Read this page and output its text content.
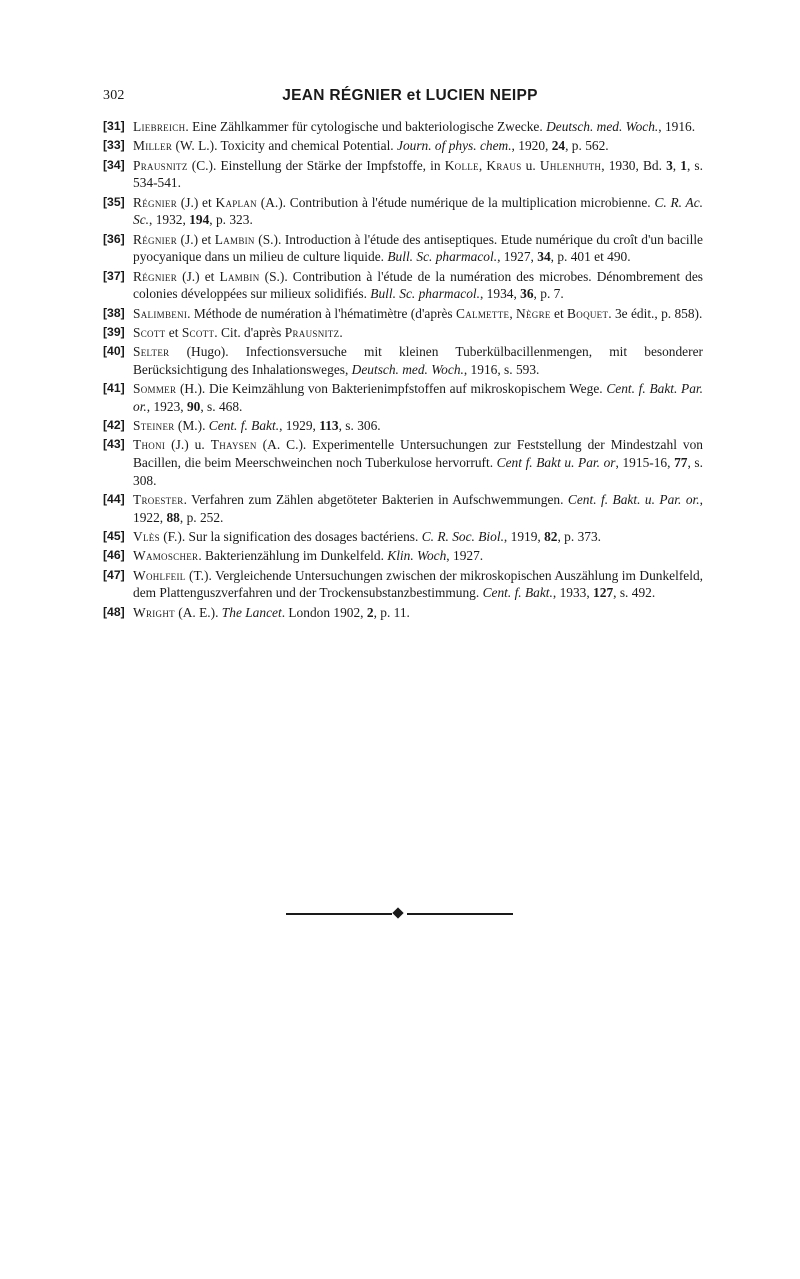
302	JEAN RÉGNIER et LUCIEN NEIPP
[31] Liebreich. Eine Zählkammer für cytologische und bakteriologische Zwecke. Deutsch. med. Woch., 1916.
[33] Miller (W. L.). Toxicity and chemical Potential. Journ. of phys. chem., 1920, 24, p. 562.
[34] Prausnitz (C.). Einstellung der Stärke der Impfstoffe, in Kolle, Kraus u. Uhlenhuth, 1930, Bd. 3, 1, s. 534-541.
[35] Régnier (J.) et Kaplan (A.). Contribution à l'étude numérique de la multiplication microbienne. C. R. Ac. Sc., 1932, 194, p. 323.
[36] Régnier (J.) et Lambin (S.). Introduction à l'étude des antiseptiques. Etude numérique du croît d'un bacille pyocyanique dans un milieu de culture liquide. Bull. Sc. pharmacol., 1927, 34, p. 401 et 490.
[37] Régnier (J.) et Lambin (S.). Contribution à l'étude de la numération des microbes. Dénombrement des colonies développées sur milieux solidifiés. Bull. Sc. pharmacol., 1934, 36, p. 7.
[38] Salimbeni. Méthode de numération à l'hématimètre (d'après Calmette, Nègre et Boquet. 3e édit., p. 858).
[39] Scott et Scott. Cit. d'après Prausnitz.
[40] Selter (Hugo). Infectionsversuche mit kleinen Tuberkülbacillenmengen, mit besonderer Berücksichtigung des Inhalationsweges, Deutsch. med. Woch., 1916, s. 593.
[41] Sommer (H.). Die Keimzählung von Bakterienimpfstoffen auf mikroskopischem Wege. Cent. f. Bakt. Par. or., 1923, 90, s. 468.
[42] Steiner (M.). Cent. f. Bakt., 1929, 113, s. 306.
[43] Thoni (J.) u. Thaysen (A. C.). Experimentelle Untersuchungen zur Feststellung der Mindestzahl von Bacillen, die beim Meerschweinchen noch Tuberkulose hervorruft. Cent f. Bakt u. Par. or, 1915-16, 77, s. 308.
[44] Troester. Verfahren zum Zählen abgetöteter Bakterien in Aufschwemmungen. Cent. f. Bakt. u. Par. or., 1922, 88, p. 252.
[45] Vlès (F.). Sur la signification des dosages bactériens. C. R. Soc. Biol., 1919, 82, p. 373.
[46] Wamoscher. Bakterienzählung im Dunkelfeld. Klin. Woch, 1927.
[47] Wohlfeil (T.). Vergleichende Untersuchungen zwischen der mikroskopischen Auszählung im Dunkelfeld, dem Plattenguszverfahren und der Trockensubstanzbestimmung. Cent. f. Bakt., 1933, 127, s. 492.
[48] Wright (A. E.). The Lancet. London 1902, 2, p. 11.
